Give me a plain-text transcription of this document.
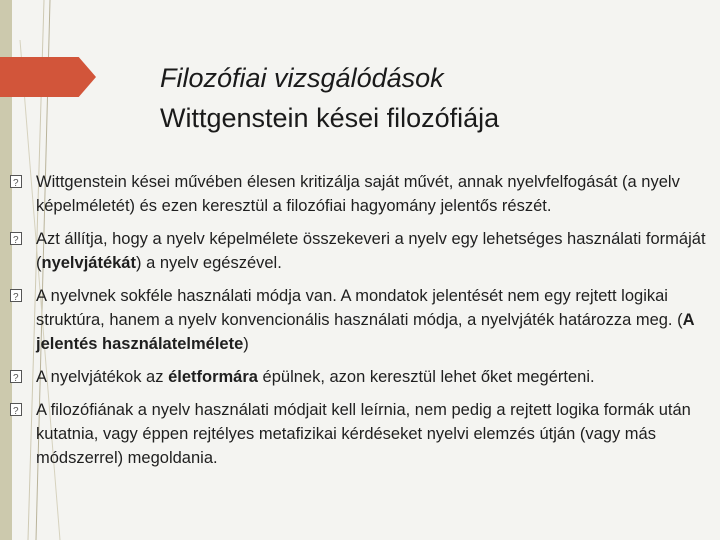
Filozófiai vizsgálódások
Wittgenstein kései filozófiája
?
Wittgenstein kései művében élesen kritizálja saját művét, annak nyelvfelfogását (a nyelv képelméletét) és ezen keresztül a filozófiai hagyomány jelentős részét.
?
Azt állítja, hogy a nyelv képelmélete összekeveri a nyelv egy lehetséges használati formáját (nyelvjátékát) a nyelv egészével.
?
A nyelvnek sokféle használati módja van. A mondatok jelentését nem egy rejtett logikai struktúra, hanem a nyelv konvencionális használati módja, a nyelvjáték határozza meg. (A jelentés használatelmélete)
?
A nyelvjátékok az életformára épülnek, azon keresztül lehet őket megérteni.
?
A filozófiának a nyelv használati módjait kell leírnia, nem pedig a rejtett logika formák után kutatnia, vagy éppen rejtélyes metafizikai kérdéseket nyelvi elemzés útján (vagy más módszerrel) megoldania.
